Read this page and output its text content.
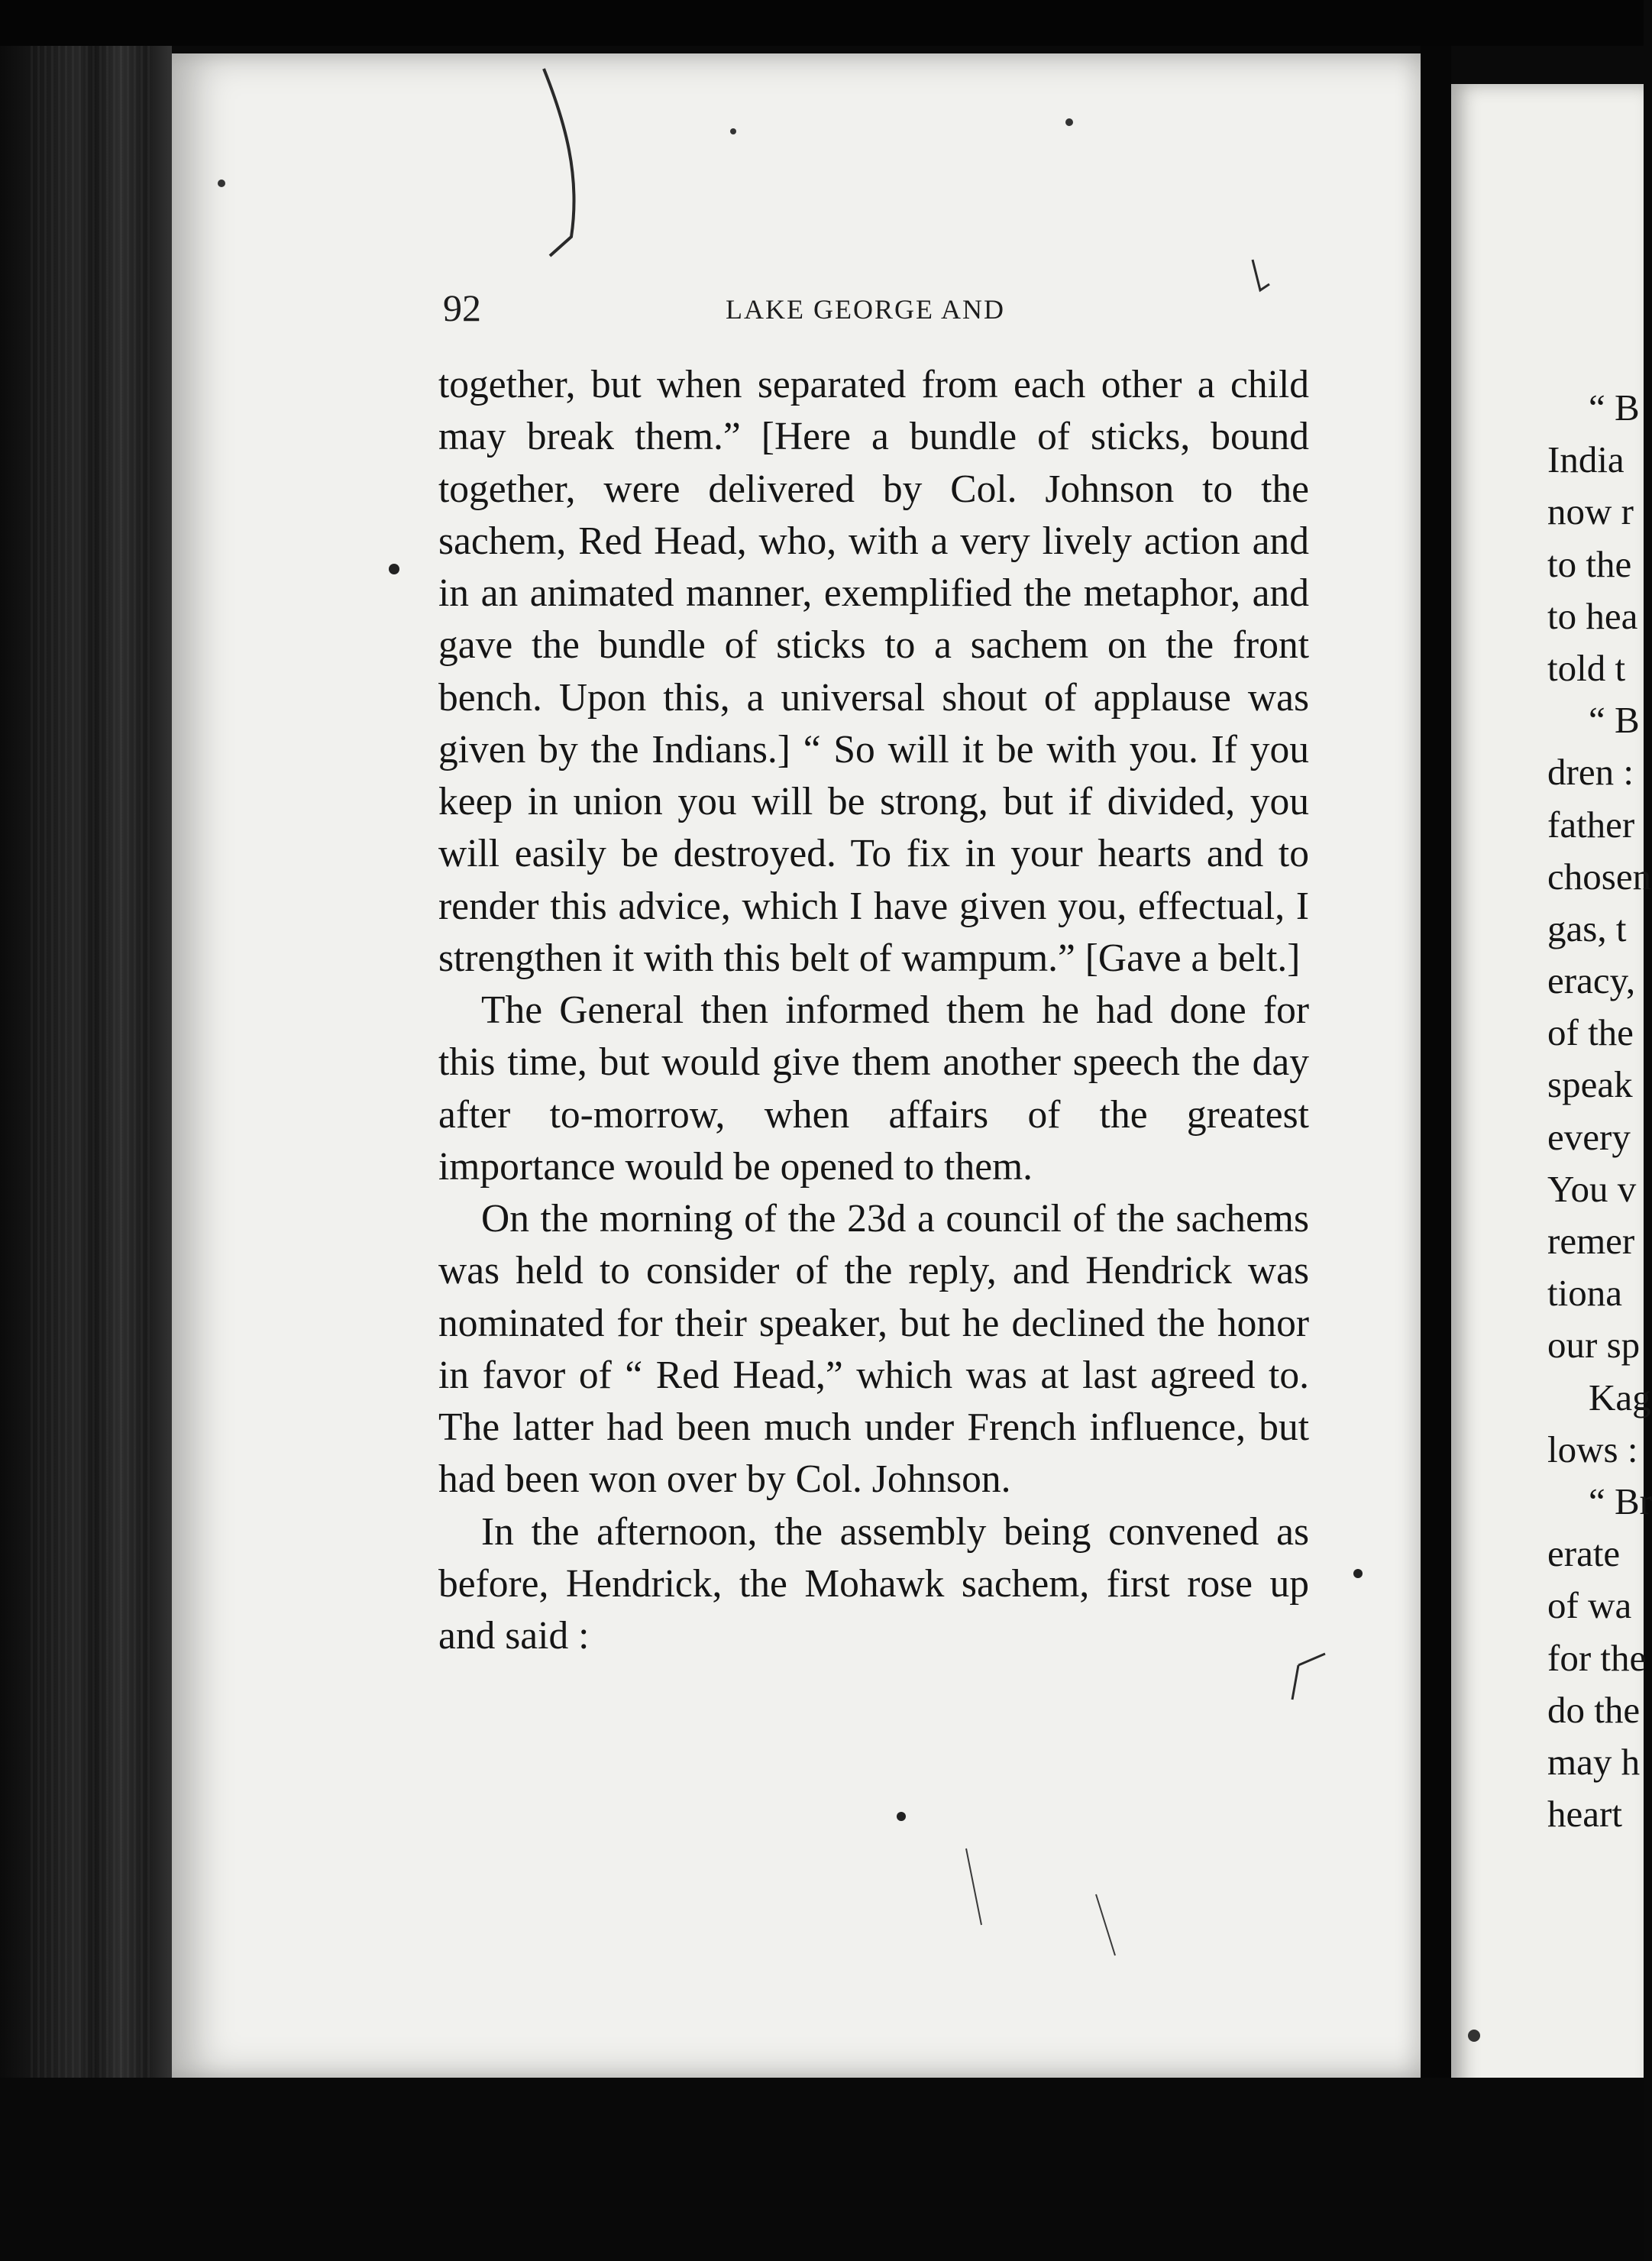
92	LAKE GEORGE AND

together, but when separated from each other a child may break them.” [Here a bundle of sticks, bound together, were delivered by Col. Johnson to the sachem, Red Head, who, with a very lively action and in an animated manner, exemplified the metaphor, and gave the bundle of sticks to a sachem on the front bench. Upon this, a universal shout of applause was given by the Indians.] “ So will it be with you. If you keep in union you will be strong, but if divided, you will easily be destroyed. To fix in your hearts and to render this advice, which I have given you, effectual, I strengthen it with this belt of wampum.” [Gave a belt.]

The General then informed them he had done for this time, but would give them another speech the day after to-morrow, when affairs of the greatest importance would be opened to them.

On the morning of the 23d a council of the sachems was held to consider of the reply, and Hendrick was nominated for their speaker, but he declined the honor in favor of “ Red Head,” which was at last agreed to. The latter had been much under French influence, but had been won over by Col. Johnson.

In the afternoon, the assembly being convened as before, Hendrick, the Mohawk sachem, first rose up and said :

“ B
India
now r
to the
to hea
told t
“ B
dren :
father
chosen
gas, t
eracy,
of the
speak
every
You v
remer
tiona
our sp
Kag
lows :
“ Br
erate
of wa
for the
do the
may h
heart
